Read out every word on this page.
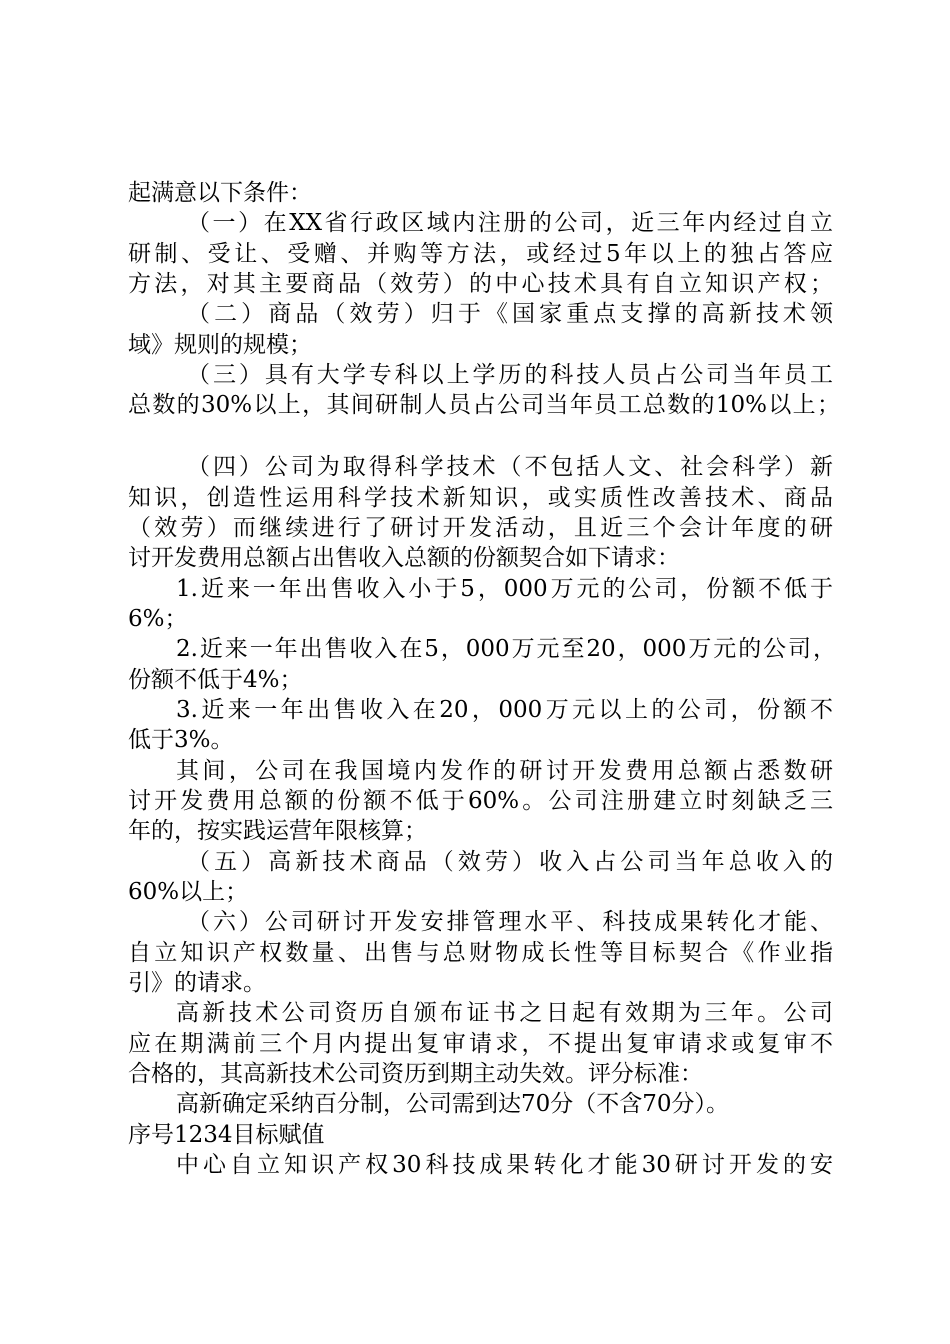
起满意以下条件：
（一）在XX省行政区域内注册的公司，近三年内经过自立
研制、受让、受赠、并购等方法，或经过5年以上的独占答应
方法，对其主要商品（效劳）的中心技术具有自立知识产权；
（二）商品（效劳）归于《国家重点支撑的高新技术领
域》规则的规模；
（三）具有大学专科以上学历的科技人员占公司当年员工
总数的30%以上，其间研制人员占公司当年员工总数的10%以上；
（四）公司为取得科学技术（不包括人文、社会科学）新
知识，创造性运用科学技术新知识，或实质性改善技术、商品
（效劳）而继续进行了研讨开发活动，且近三个会计年度的研
讨开发费用总额占出售收入总额的份额契合如下请求：
1.近来一年出售收入小于5，000万元的公司，份额不低于
6%；
2.近来一年出售收入在5，000万元至20，000万元的公司，
份额不低于4%；
3.近来一年出售收入在20，000万元以上的公司，份额不
低于3%。
其间，公司在我国境内发作的研讨开发费用总额占悉数研
讨开发费用总额的份额不低于60%。公司注册建立时刻缺乏三
年的，按实践运营年限核算；
（五）高新技术商品（效劳）收入占公司当年总收入的
60%以上；
（六）公司研讨开发安排管理水平、科技成果转化才能、
自立知识产权数量、出售与总财物成长性等目标契合《作业指
引》的请求。
高新技术公司资历自颁布证书之日起有效期为三年。公司
应在期满前三个月内提出复审请求，不提出复审请求或复审不
合格的，其高新技术公司资历到期主动失效。评分标准：
高新确定采纳百分制，公司需到达70分（不含70分）。
序号1234目标赋值
中心自立知识产权30科技成果转化才能30研讨开发的安
